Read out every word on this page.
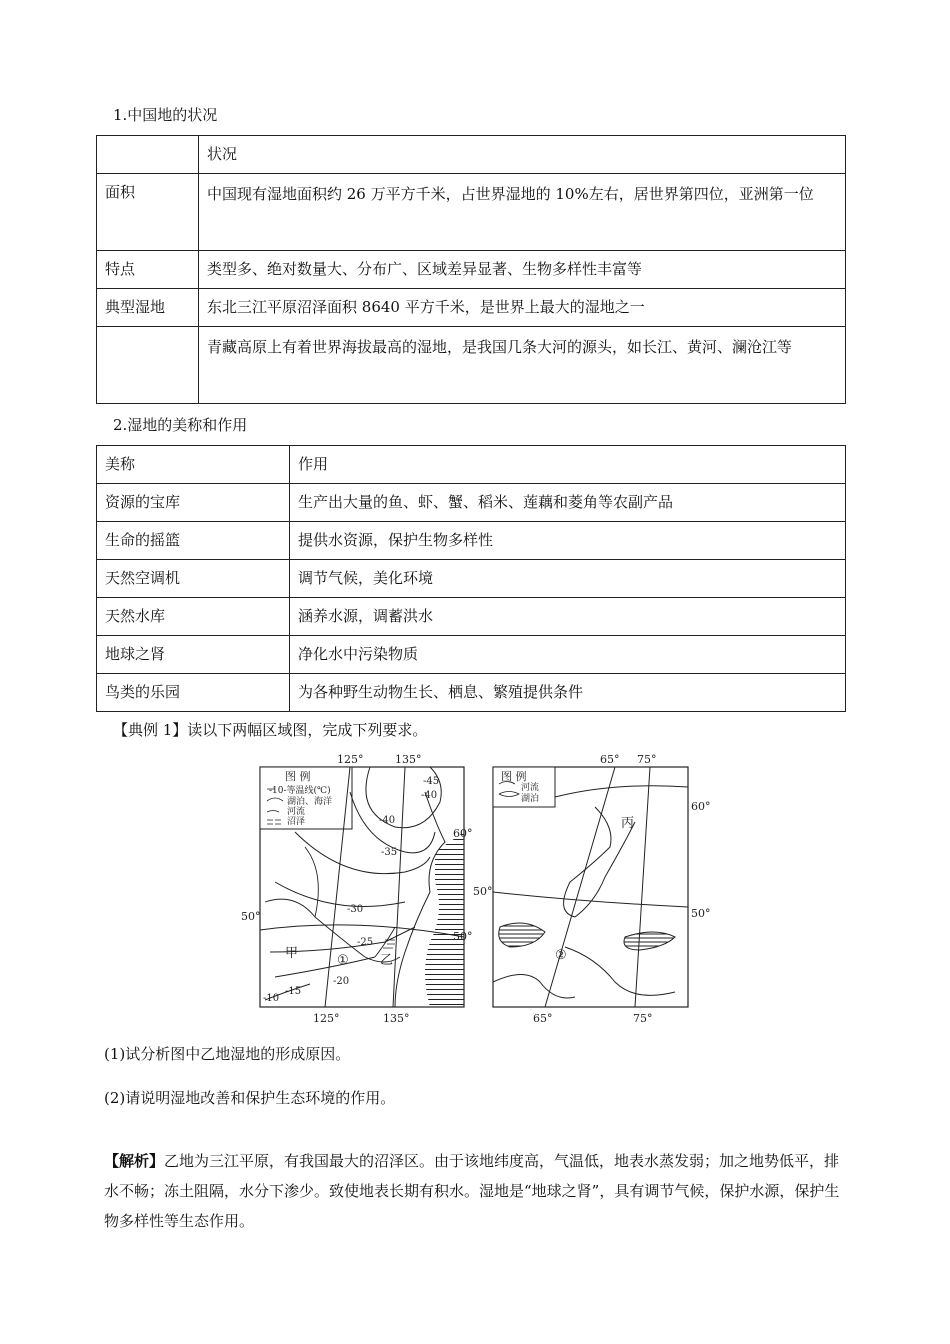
1.中国地的状况
	状况
面积	中国现有湿地面积约 26 万平方千米，占世界湿地的 10%左右，居世界第四位，亚洲第一位
特点	类型多、绝对数量大、分布广、区域差异显著、生物多样性丰富等
典型湿地	东北三江平原沼泽面积 8640 平方千米，是世界上最大的湿地之一
	青藏高原上有着世界海拔最高的湿地，是我国几条大河的源头，如长江、黄河、澜沧江等
2.湿地的美称和作用
美称	作用
资源的宝库	生产出大量的鱼、虾、蟹、稻米、莲藕和菱角等农副产品
生命的摇篮	提供水资源，保护生物多样性
天然空调机	调节气候，美化环境
天然水库	涵养水源，调蓄洪水
地球之肾	净化水中污染物质
鸟类的乐园	为各种野生动物生长、栖息、繁殖提供条件
【典例 1】读以下两幅区域图，完成下列要求。
图 例
-10-等温线(℃)
湖泊、海洋
河流
沼泽
125°	135°
125°	135°
60°
50°
50°
-45
-40
-40
-35
-30
-25
-20
-15
-10
甲	① 乙
图 例
河流
湖泊
65° 75°
65°	75°
60°
50°
50°
丙
②
(1)试分析图中乙地湿地的形成原因。
(2)请说明湿地改善和保护生态环境的作用。
【解析】乙地为三江平原，有我国最大的沼泽区。由于该地纬度高，气温低，地表水蒸发弱；加之地势低平，排水不畅；冻土阻隔，水分下渗少。致使地表长期有积水。湿地是“地球之肾”，具有调节气候，保护水源，保护生物多样性等生态作用。
